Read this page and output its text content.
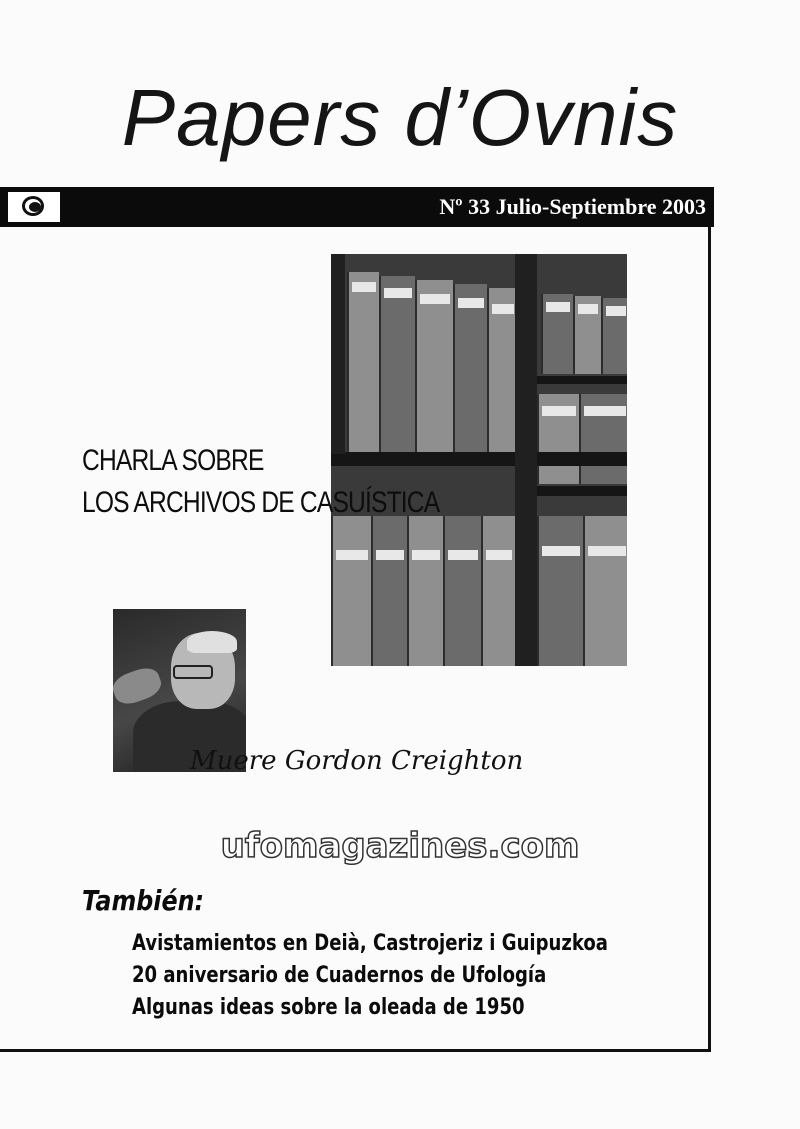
Papers d’Ovnis
Nº 33 Julio-Septiembre 2003
CHARLA SOBRE
LOS ARCHIVOS DE CASUÍSTICA
Muere Gordon Creighton
ufomagazines.com
También:
Avistamientos en Deià, Castrojeriz i Guipuzkoa
20 aniversario de Cuadernos de Ufología
Algunas ideas sobre la oleada de 1950
